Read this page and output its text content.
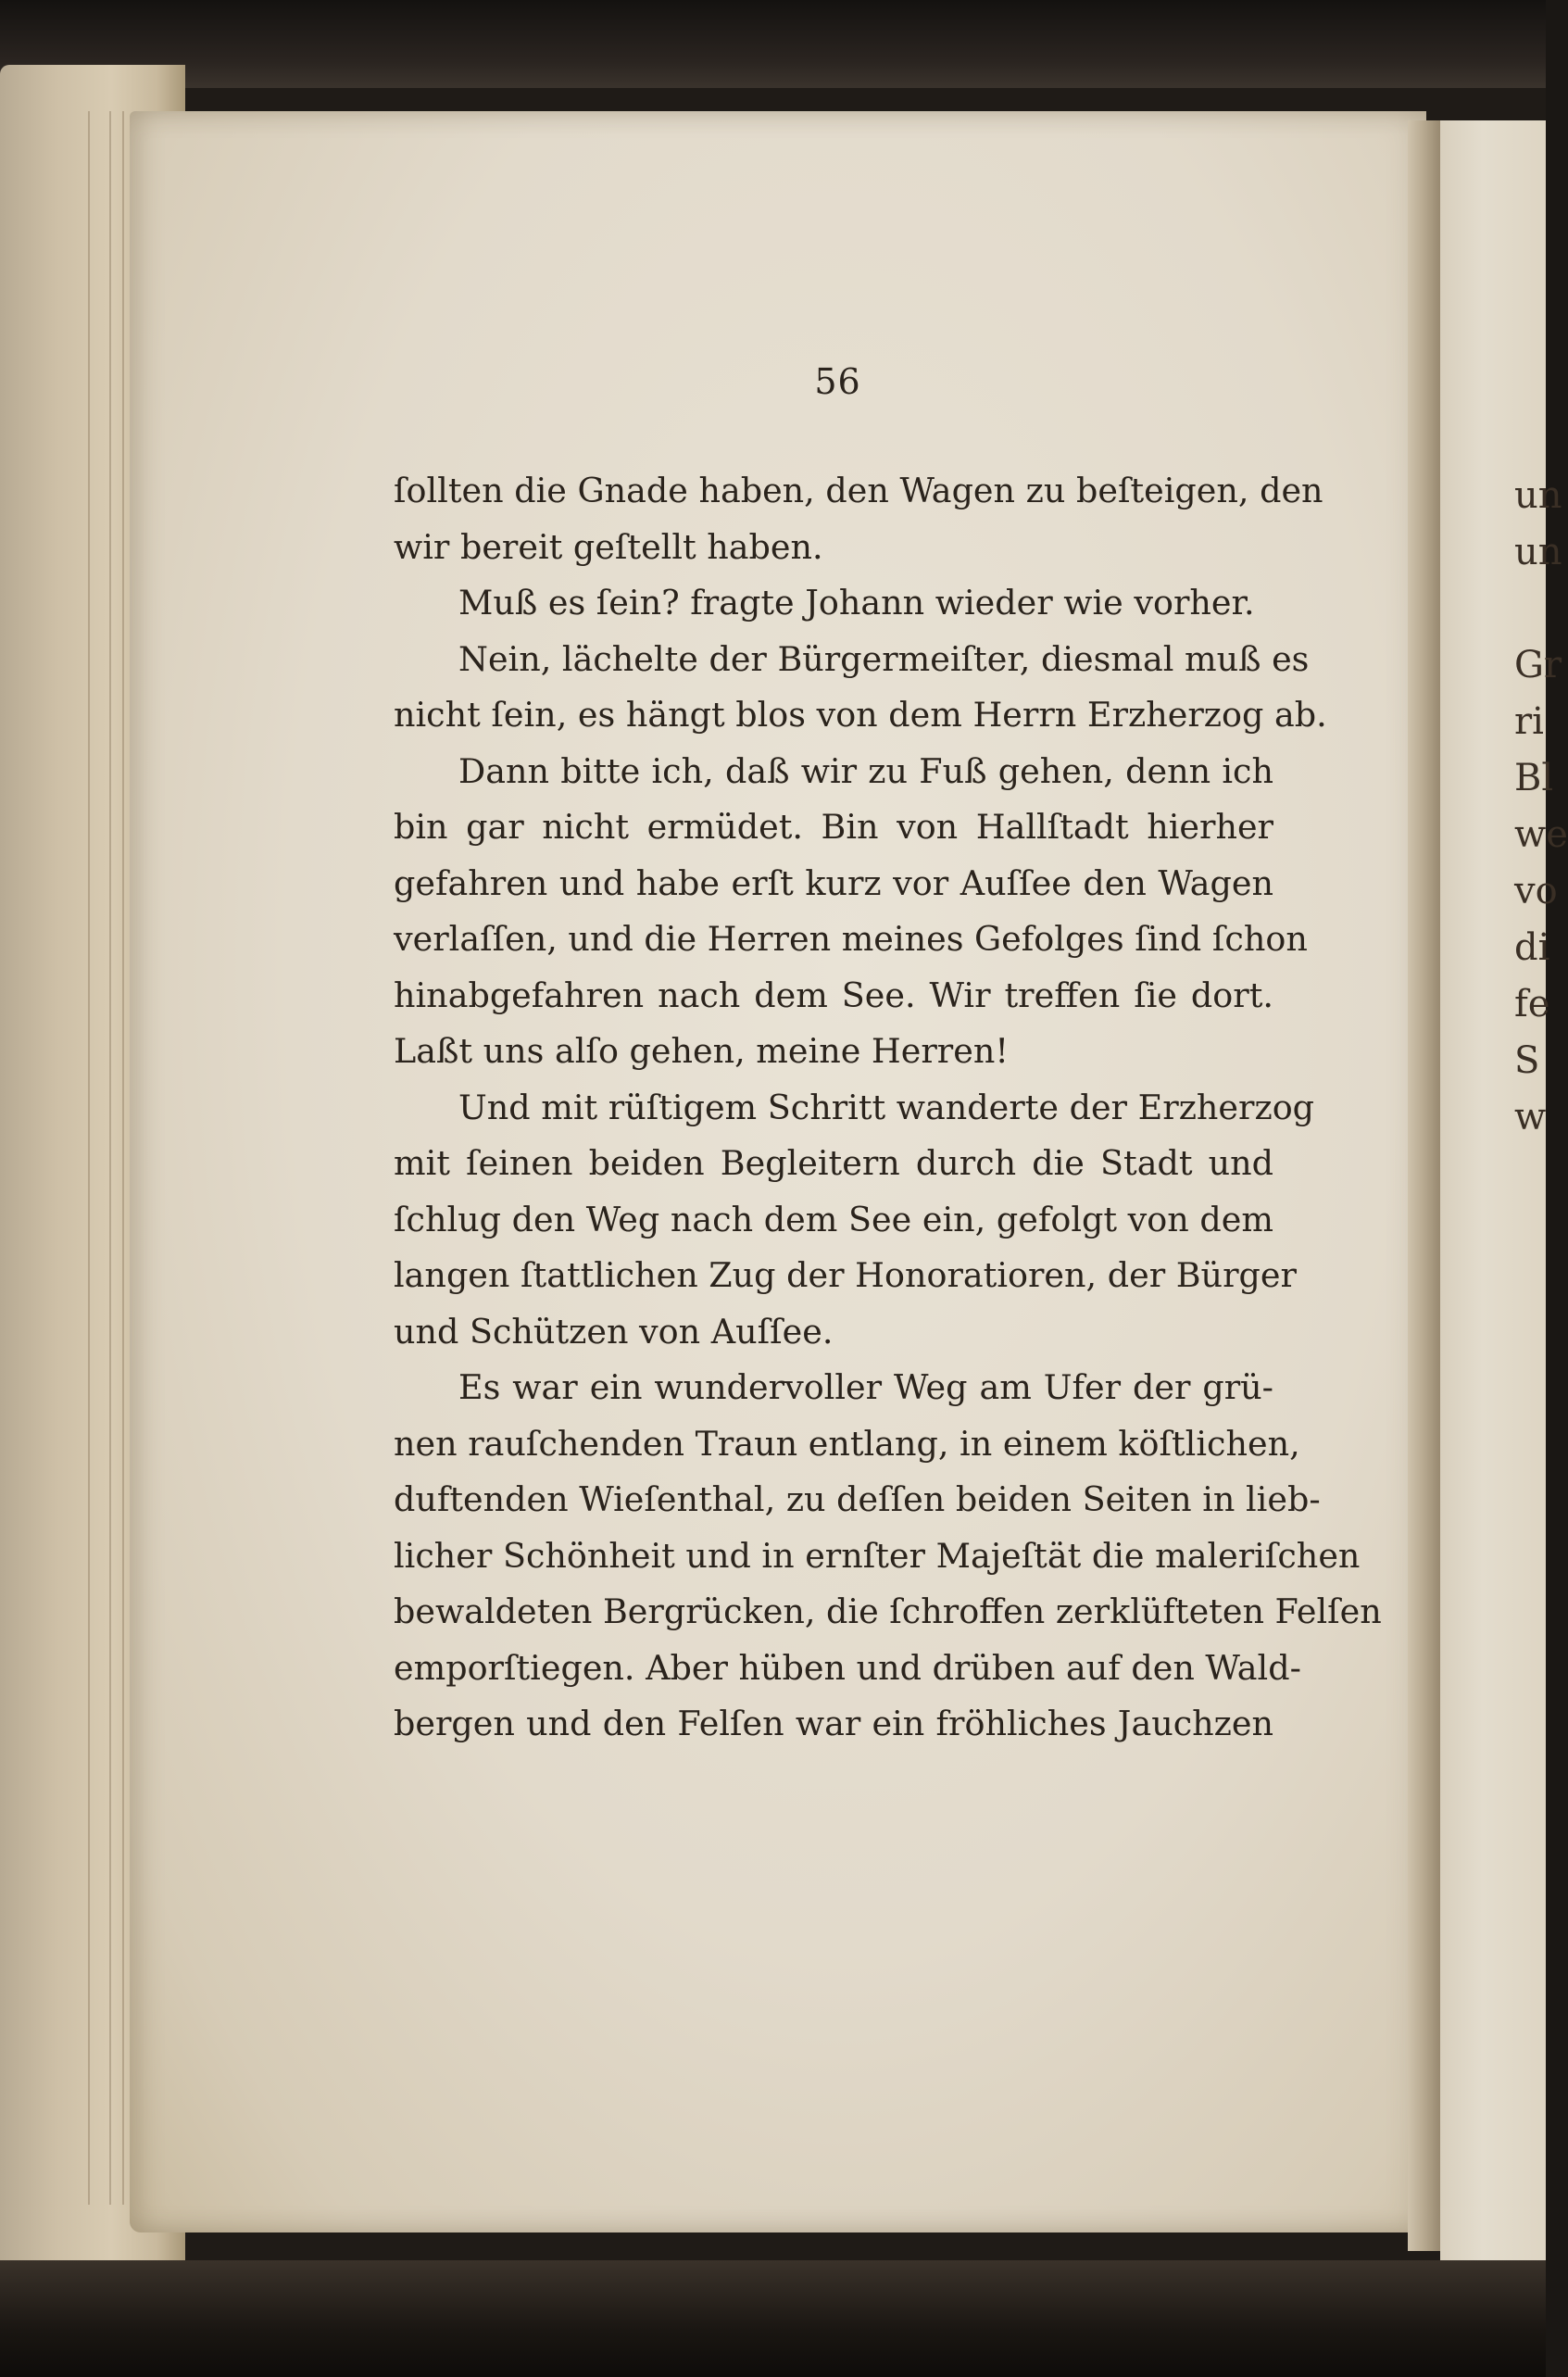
un
un
Gr
ri
Bl
we
vo
di
fe
S
w
56
ſollten die Gnade haben, den Wagen zu beſteigen, den
wir bereit geſtellt haben.
Muß es ſein? fragte Johann wieder wie vorher.
Nein, lächelte der Bürgermeiſter, diesmal muß es
nicht ſein, es hängt blos von dem Herrn Erzherzog ab.
Dann bitte ich, daß wir zu Fuß gehen, denn ich
bin gar nicht ermüdet. Bin von Hallſtadt hierher
gefahren und habe erſt kurz vor Auſſee den Wagen
verlaſſen, und die Herren meines Gefolges ſind ſchon
hinabgefahren nach dem See. Wir treffen ſie dort.
Laßt uns alſo gehen, meine Herren!
Und mit rüſtigem Schritt wanderte der Erzherzog
mit ſeinen beiden Begleitern durch die Stadt und
ſchlug den Weg nach dem See ein, gefolgt von dem
langen ſtattlichen Zug der Honoratioren, der Bürger
und Schützen von Auſſee.
Es war ein wundervoller Weg am Ufer der grü-
nen rauſchenden Traun entlang, in einem köſtlichen,
duftenden Wieſenthal, zu deſſen beiden Seiten in lieb-
licher Schönheit und in ernſter Majeſtät die maleriſchen
bewaldeten Bergrücken, die ſchroffen zerklüfteten Felſen
emporſtiegen. Aber hüben und drüben auf den Wald-
bergen und den Felſen war ein fröhliches Jauchzen
